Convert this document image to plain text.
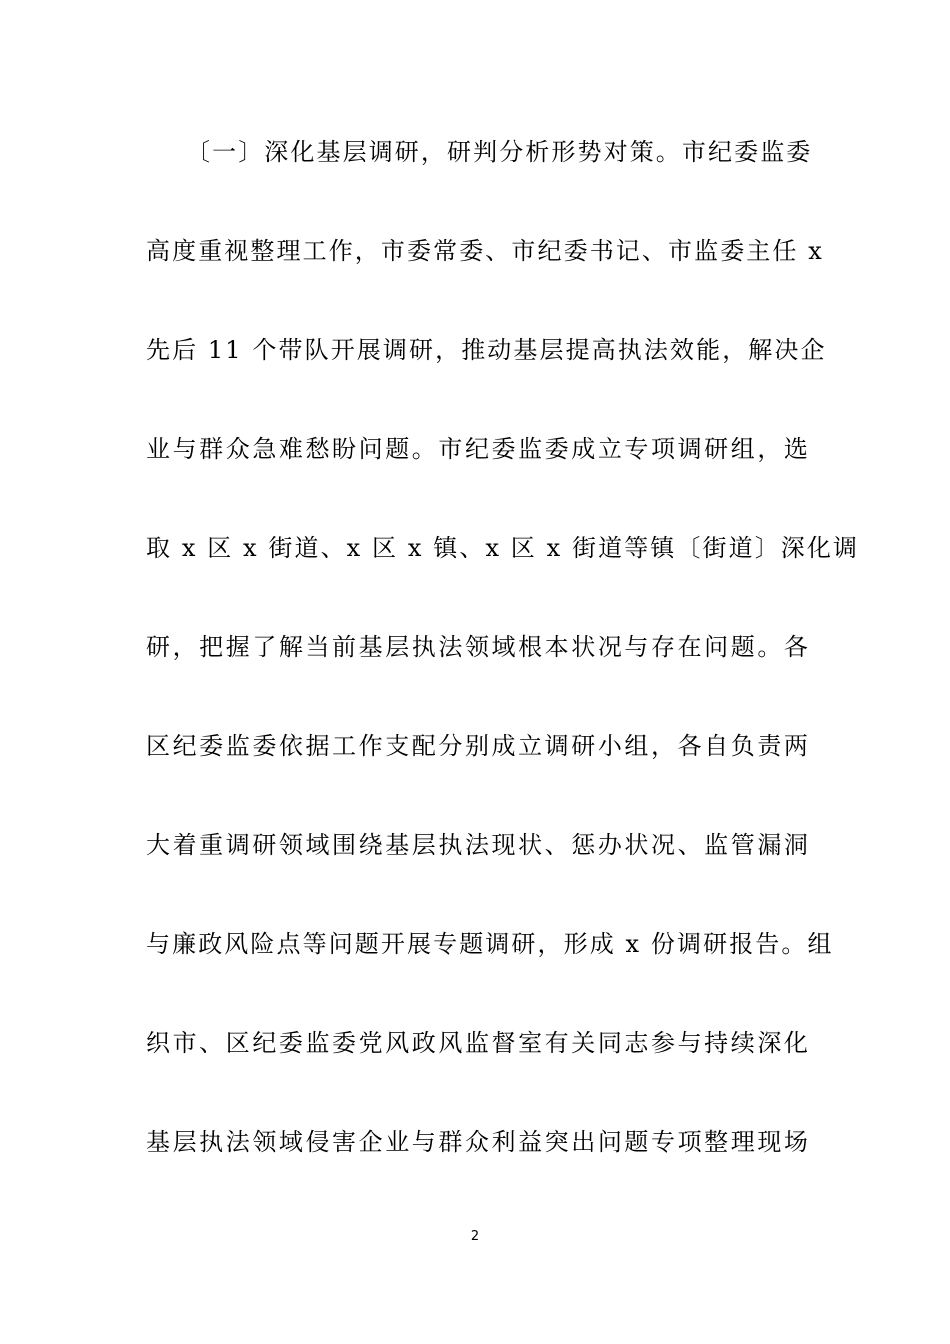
〔一〕深化基层调研，研判分析形势对策。市纪委监委
高度重视整理工作，市委常委、市纪委书记、市监委主任 x
先后 11 个带队开展调研，推动基层提高执法效能，解决企
业与群众急难愁盼问题。市纪委监委成立专项调研组，选
取 x 区 x 街道、x 区 x 镇、x 区 x 街道等镇〔街道〕深化调
研，把握了解当前基层执法领域根本状况与存在问题。各
区纪委监委依据工作支配分别成立调研小组，各自负责两
大着重调研领域围绕基层执法现状、惩办状况、监管漏洞
与廉政风险点等问题开展专题调研，形成 x 份调研报告。组
织市、区纪委监委党风政风监督室有关同志参与持续深化
基层执法领域侵害企业与群众利益突出问题专项整理现场
2
